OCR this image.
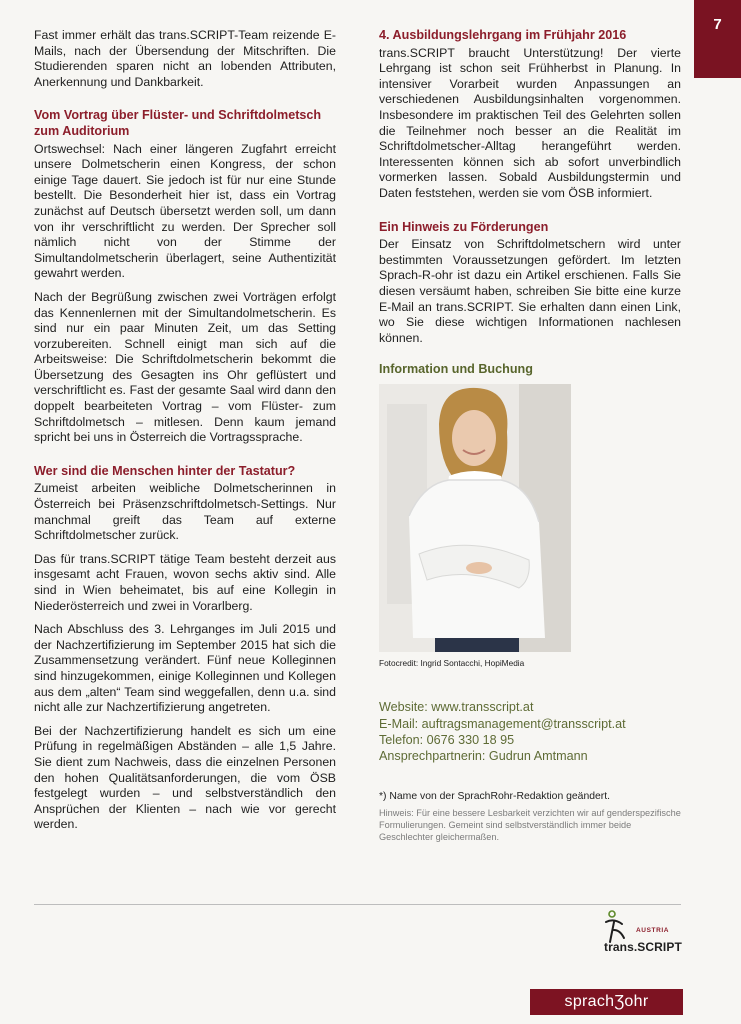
7

Fast immer erhält das trans.SCRIPT-Team reizende E-Mails, nach der Übersendung der Mitschriften. Die Studierenden sparen nicht an lobenden Attributen, Anerkennung und Dankbarkeit.

Vom Vortrag über Flüster- und Schriftdolmetsch zum Auditorium

Ortswechsel: Nach einer längeren Zugfahrt erreicht unsere Dolmetscherin einen Kongress, der schon einige Tage dauert. Sie jedoch ist für nur eine Stunde bestellt. Die Besonderheit hier ist, dass ein Vortrag zunächst auf Deutsch übersetzt werden soll, um dann von ihr verschriftlicht zu werden. Der Sprecher soll nämlich nicht von der Stimme der Simultandolmetscherin überlagert, seine Authentizität gewahrt werden.

Nach der Begrüßung zwischen zwei Vorträgen erfolgt das Kennenlernen mit der Simultandolmetscherin. Es sind nur ein paar Minuten Zeit, um das Setting vorzubereiten. Schnell einigt man sich auf die Arbeitsweise: Die Schriftdolmetscherin bekommt die Übersetzung des Gesagten ins Ohr geflüstert und verschriftlicht es. Fast der gesamte Saal wird dann den doppelt bearbeiteten Vortrag – vom Flüster- zum Schriftdolmetsch – mitlesen. Denn kaum jemand spricht bei uns in Österreich die Vortragssprache.

Wer sind die Menschen hinter der Tastatur?

Zumeist arbeiten weibliche Dolmetscherinnen in Österreich bei Präsenzschriftdolmetsch-Settings. Nur manchmal greift das Team auf externe Schriftdolmetscher zurück.

Das für trans.SCRIPT tätige Team besteht derzeit aus insgesamt acht Frauen, wovon sechs aktiv sind. Alle sind in Wien beheimatet, bis auf eine Kollegin in Niederösterreich und zwei in Vorarlberg.

Nach Abschluss des 3. Lehrganges im Juli 2015 und der Nachzertifizierung im September 2015 hat sich die Zusammensetzung verändert. Fünf neue Kolleginnen sind hinzugekommen, einige Kolleginnen und Kollegen aus dem „alten“ Team sind weggefallen, denn u.a. sind nicht alle zur Nachzertifizierung angetreten.

Bei der Nachzertifizierung handelt es sich um eine Prüfung in regelmäßigen Abständen – alle 1,5 Jahre. Sie dient zum Nachweis, dass die einzelnen Personen den hohen Qualitätsanforderungen, die vom ÖSB festgelegt wurden – und selbstverständlich den Ansprüchen der Klienten – nach wie vor gerecht werden.

4. Ausbildungslehrgang im Frühjahr 2016

trans.SCRIPT braucht Unterstützung! Der vierte Lehrgang ist schon seit Frühherbst in Planung. In intensiver Vorarbeit wurden Anpassungen an verschiedenen Ausbildungsinhalten vorgenommen. Insbesondere im praktischen Teil des Gelehrten sollen die Teilnehmer noch besser an die Realität im Schriftdolmetscher-Alltag herangeführt werden. Interessenten können sich ab sofort unverbindlich vormerken lassen. Sobald Ausbildungstermin und Daten feststehen, werden sie vom ÖSB informiert.

Ein Hinweis zu Förderungen

Der Einsatz von Schriftdolmetschern wird unter bestimmten Voraussetzungen gefördert. Im letzten Sprach-R-ohr ist dazu ein Artikel erschienen. Falls Sie diesen versäumt haben, schreiben Sie bitte eine kurze E-Mail an trans.SCRIPT. Sie erhalten dann einen Link, wo Sie diese wichtigen Informationen nachlesen können.

Information und Buchung
Fotocredit: Ingrid Sontacchi, HopiMedia
Website: www.transscript.at
E-Mail: auftragsmanagement@transscript.at
Telefon: 0676 330 18 95
Ansprechpartnerin: Gudrun Amtmann
*) Name von der SprachRohr-Redaktion geändert.
Hinweis: Für eine bessere Lesbarkeit verzichten wir auf genderspezifische Formulierungen. Gemeint sind selbstverständlich immer beide Geschlechter gleichermaßen.
AUSTRIA
trans.SCRIPT
sprachƷohr
